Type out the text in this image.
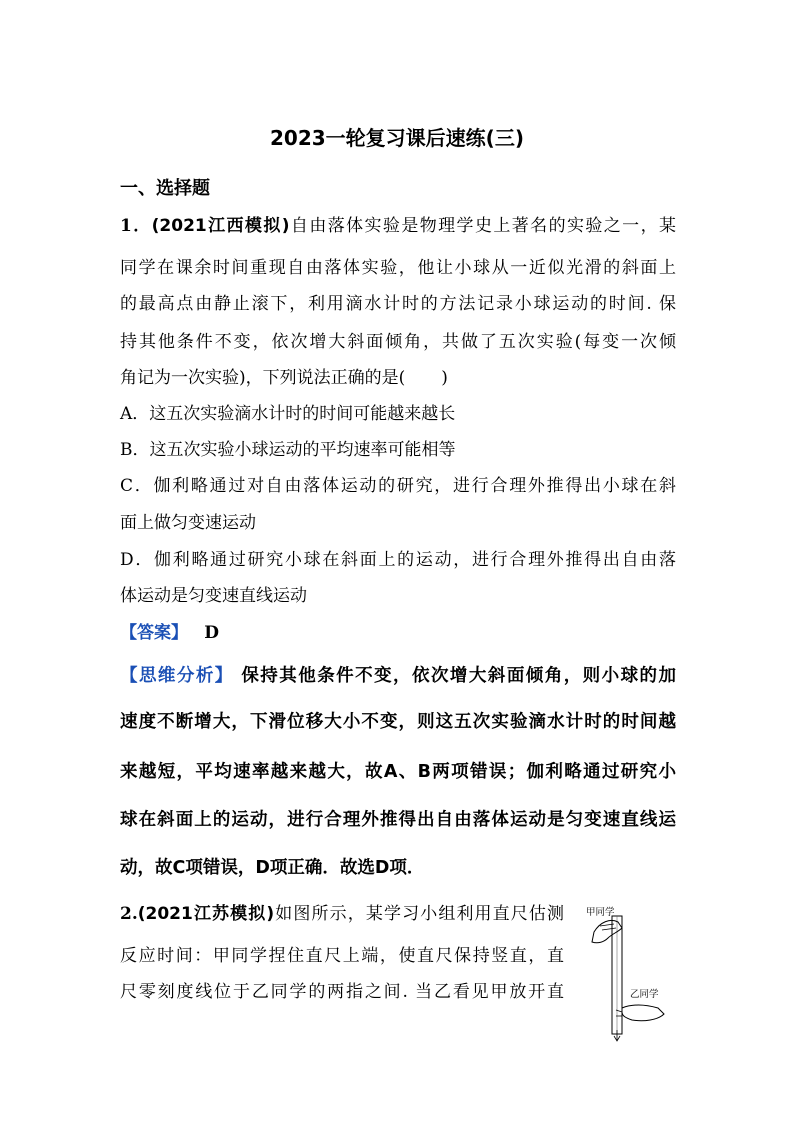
2023一轮复习课后速练(三)
一、选择题
1．(2021江西模拟)自由落体实验是物理学史上著名的实验之一，某
同学在课余时间重现自由落体实验，他让小球从一近似光滑的斜面上
的最高点由静止滚下，利用滴水计时的方法记录小球运动的时间. 保
持其他条件不变，依次增大斜面倾角，共做了五次实验(每变一次倾
角记为一次实验)，下列说法正确的是( )
A．这五次实验滴水计时的时间可能越来越长
B．这五次实验小球运动的平均速率可能相等
C．伽利略通过对自由落体运动的研究，进行合理外推得出小球在斜
面上做匀变速运动
D．伽利略通过研究小球在斜面上的运动，进行合理外推得出自由落
体运动是匀变速直线运动
【答案】 D
【思维分析】 保持其他条件不变，依次增大斜面倾角，则小球的加
速度不断增大，下滑位移大小不变，则这五次实验滴水计时的时间越
来越短，平均速率越来越大，故A、B两项错误；伽利略通过研究小
球在斜面上的运动，进行合理外推得出自由落体运动是匀变速直线运
动，故C项错误，D项正确．故选D项．
2.(2021江苏模拟)如图所示，某学习小组利用直尺估测
反应时间：甲同学捏住直尺上端，使直尺保持竖直，直
尺零刻度线位于乙同学的两指之间. 当乙看见甲放开直
甲同学
乙同学
